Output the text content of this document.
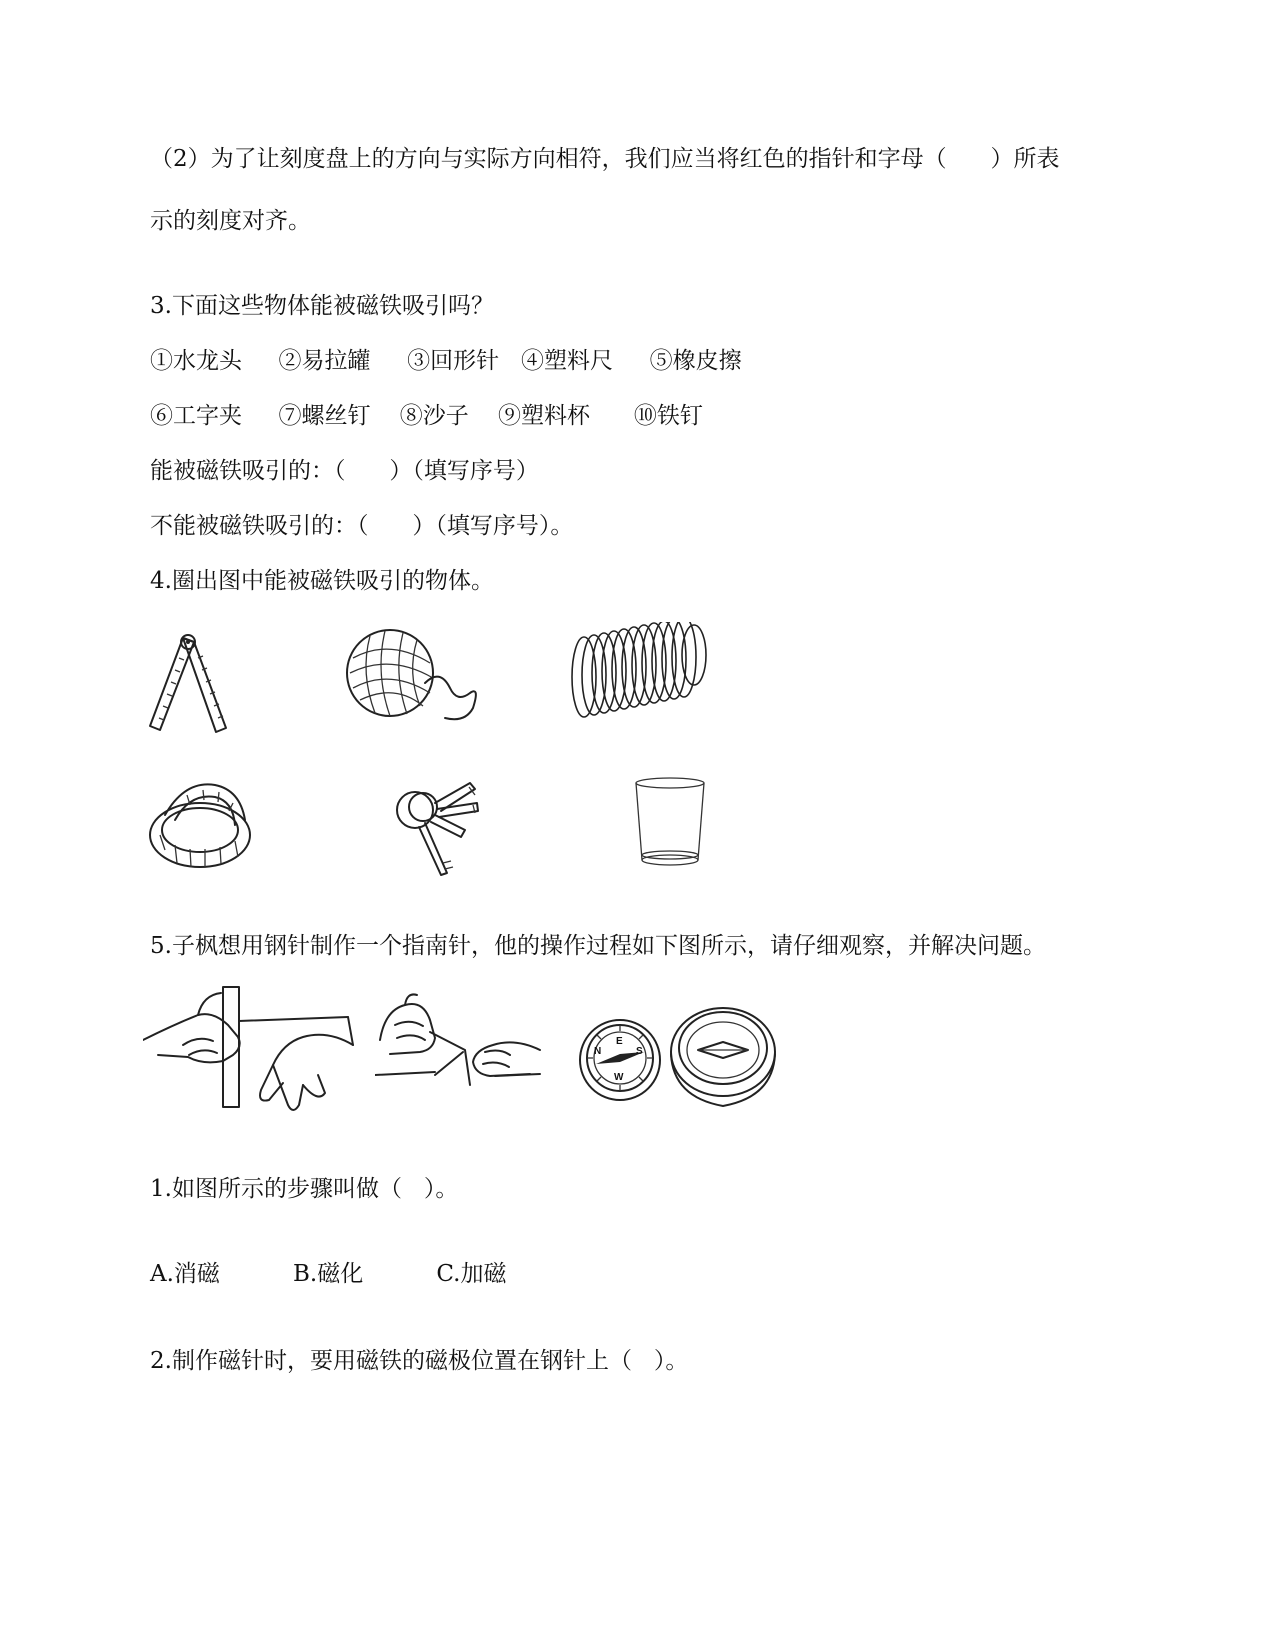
（2）为了让刻度盘上的方向与实际方向相符，我们应当将红色的指针和字母（      ）所表
示的刻度对齐。
3.下面这些物体能被磁铁吸引吗？
①水龙头     ②易拉罐     ③回形针   ④塑料尺     ⑤橡皮擦
⑥工字夹     ⑦螺丝钉    ⑧沙子    ⑨塑料杯      ⑩铁钉
能被磁铁吸引的：（      ）（填写序号）
不能被磁铁吸引的：（      ）（填写序号）。
4.圈出图中能被磁铁吸引的物体。
5.子枫想用钢针制作一个指南针，他的操作过程如下图所示，请仔细观察，并解决问题。
N
E
S
W
1.如图所示的步骤叫做（   ）。
A.消磁          B.磁化          C.加磁
2.制作磁针时，要用磁铁的磁极位置在钢针上（   ）。
